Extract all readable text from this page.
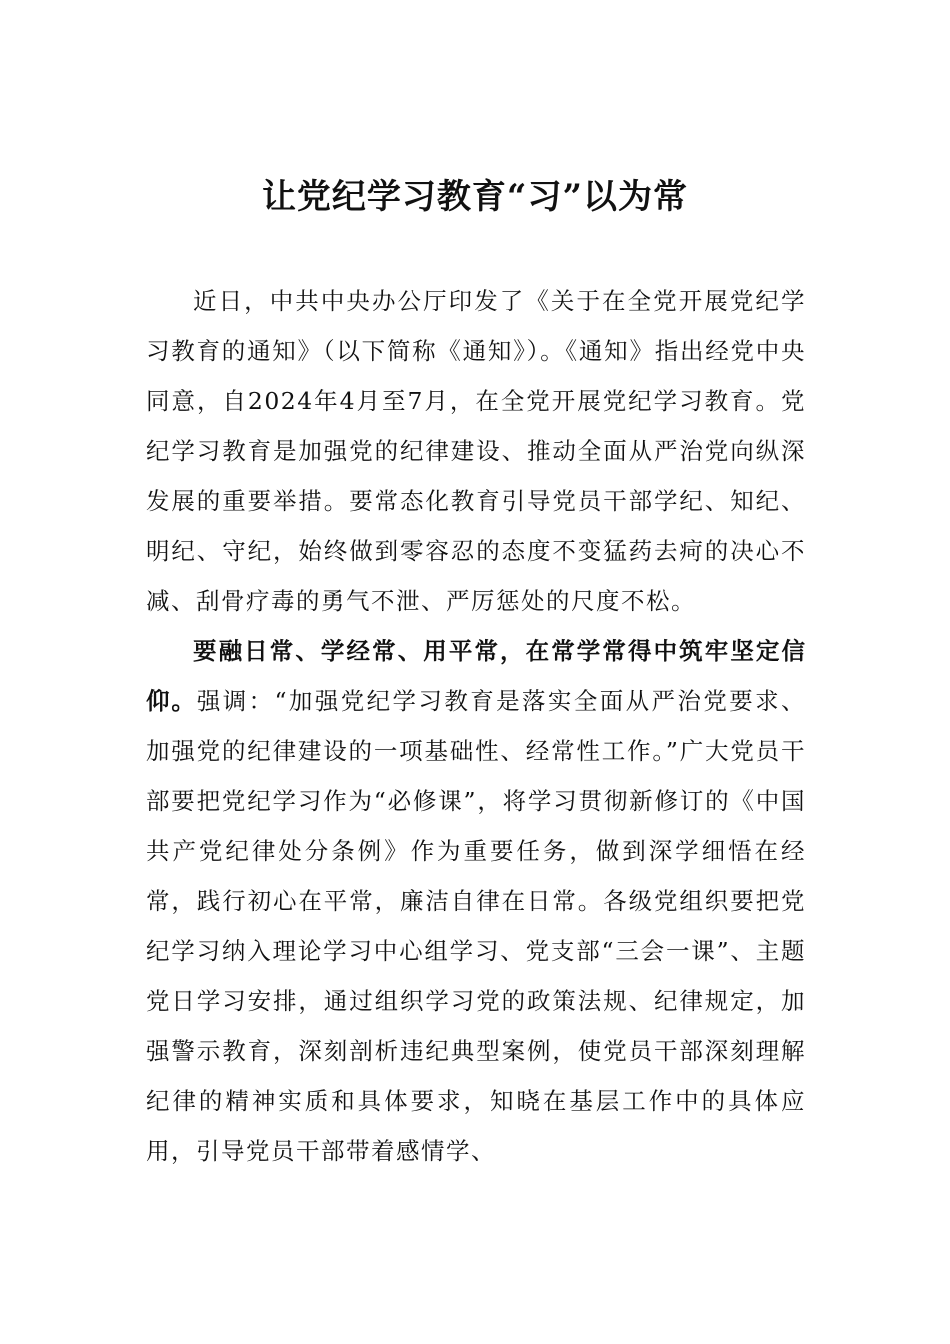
让党纪学习教育“习”以为常

近日，中共中央办公厅印发了《关于在全党开展党纪学习教育的通知》（以下简称《通知》）。《通知》指出经党中央同意，自2024年4月至7月，在全党开展党纪学习教育。党纪学习教育是加强党的纪律建设、推动全面从严治党向纵深发展的重要举措。要常态化教育引导党员干部学纪、知纪、明纪、守纪，始终做到零容忍的态度不变猛药去疴的决心不减、刮骨疗毒的勇气不泄、严厉惩处的尺度不松。

要融日常、学经常、用平常，在常学常得中筑牢坚定信仰。强调：“加强党纪学习教育是落实全面从严治党要求、加强党的纪律建设的一项基础性、经常性工作。”广大党员干部要把党纪学习作为“必修课”，将学习贯彻新修订的《中国共产党纪律处分条例》作为重要任务，做到深学细悟在经常，践行初心在平常，廉洁自律在日常。各级党组织要把党纪学习纳入理论学习中心组学习、党支部“三会一课”、主题党日学习安排，通过组织学习党的政策法规、纪律规定，加强警示教育，深刻剖析违纪典型案例，使党员干部深刻理解纪律的精神实质和具体要求，知晓在基层工作中的具体应用，引导党员干部带着感情学、
